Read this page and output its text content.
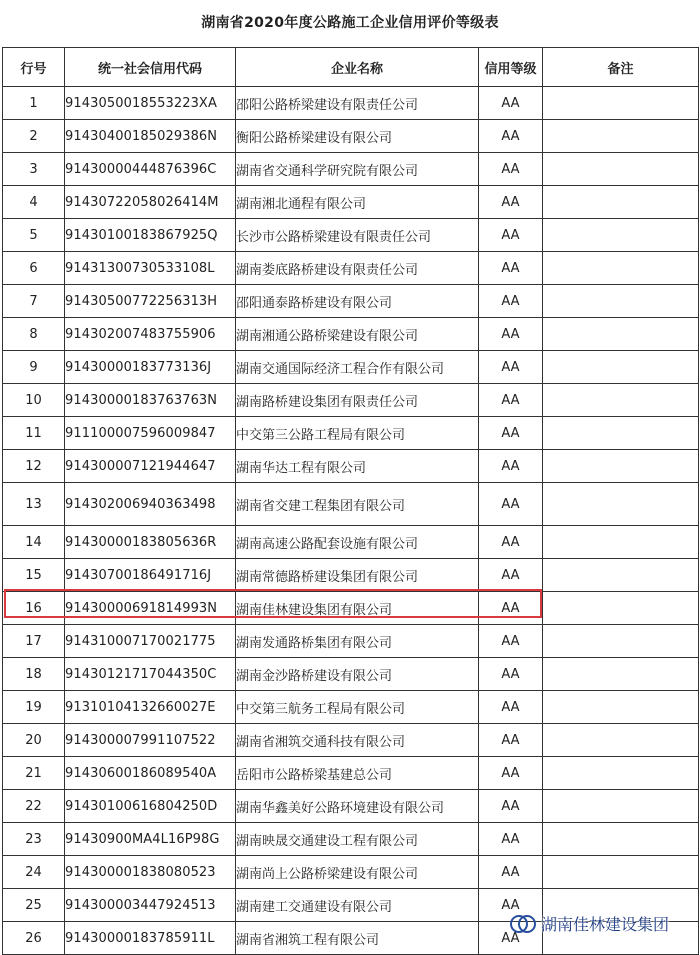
湖南省2020年度公路施工企业信用评价等级表
行号	统一社会信用代码	企业名称	信用等级	备注
1	9143050018553223XA	邵阳公路桥梁建设有限责任公司	AA	
2	91430400185029386N	衡阳公路桥梁建设有限公司	AA	
3	91430000444876396C	湖南省交通科学研究院有限公司	AA	
4	91430722058026414M	湖南湘北通程有限公司	AA	
5	91430100183867925Q	长沙市公路桥梁建设有限责任公司	AA	
6	91431300730533108L	湖南娄底路桥建设有限责任公司	AA	
7	91430500772256313H	邵阳通泰路桥建设有限公司	AA	
8	914302007483755906	湖南湘通公路桥梁建设有限公司	AA	
9	91430000183773136J	湖南交通国际经济工程合作有限公司	AA	
10	91430000183763763N	湖南路桥建设集团有限责任公司	AA	
11	911100007596009847	中交第三公路工程局有限公司	AA	
12	914300007121944647	湖南华达工程有限公司	AA	
13	914302006940363498	湖南省交建工程集团有限公司	AA	
14	91430000183805636R	湖南高速公路配套设施有限公司	AA	
15	91430700186491716J	湖南常德路桥建设集团有限公司	AA	
16	91430000691814993N	湖南佳林建设集团有限公司	AA	
17	914310007170021775	湖南发通路桥集团有限公司	AA	
18	91430121717044350C	湖南金沙路桥建设有限公司	AA	
19	91310104132660027E	中交第三航务工程局有限公司	AA	
20	914300007991107522	湖南省湘筑交通科技有限公司	AA	
21	91430600186089540A	岳阳市公路桥梁基建总公司	AA	
22	91430100616804250D	湖南华鑫美好公路环境建设有限公司	AA	
23	91430900MA4L16P98G	湖南映晟交通建设工程有限公司	AA	
24	914300001838080523	湖南尚上公路桥梁建设有限公司	AA	
25	914300003447924513	湖南建工交通建设有限公司	AA	
26	91430000183785911L	湖南省湘筑工程有限公司	AA	
湖南佳林建设集团
